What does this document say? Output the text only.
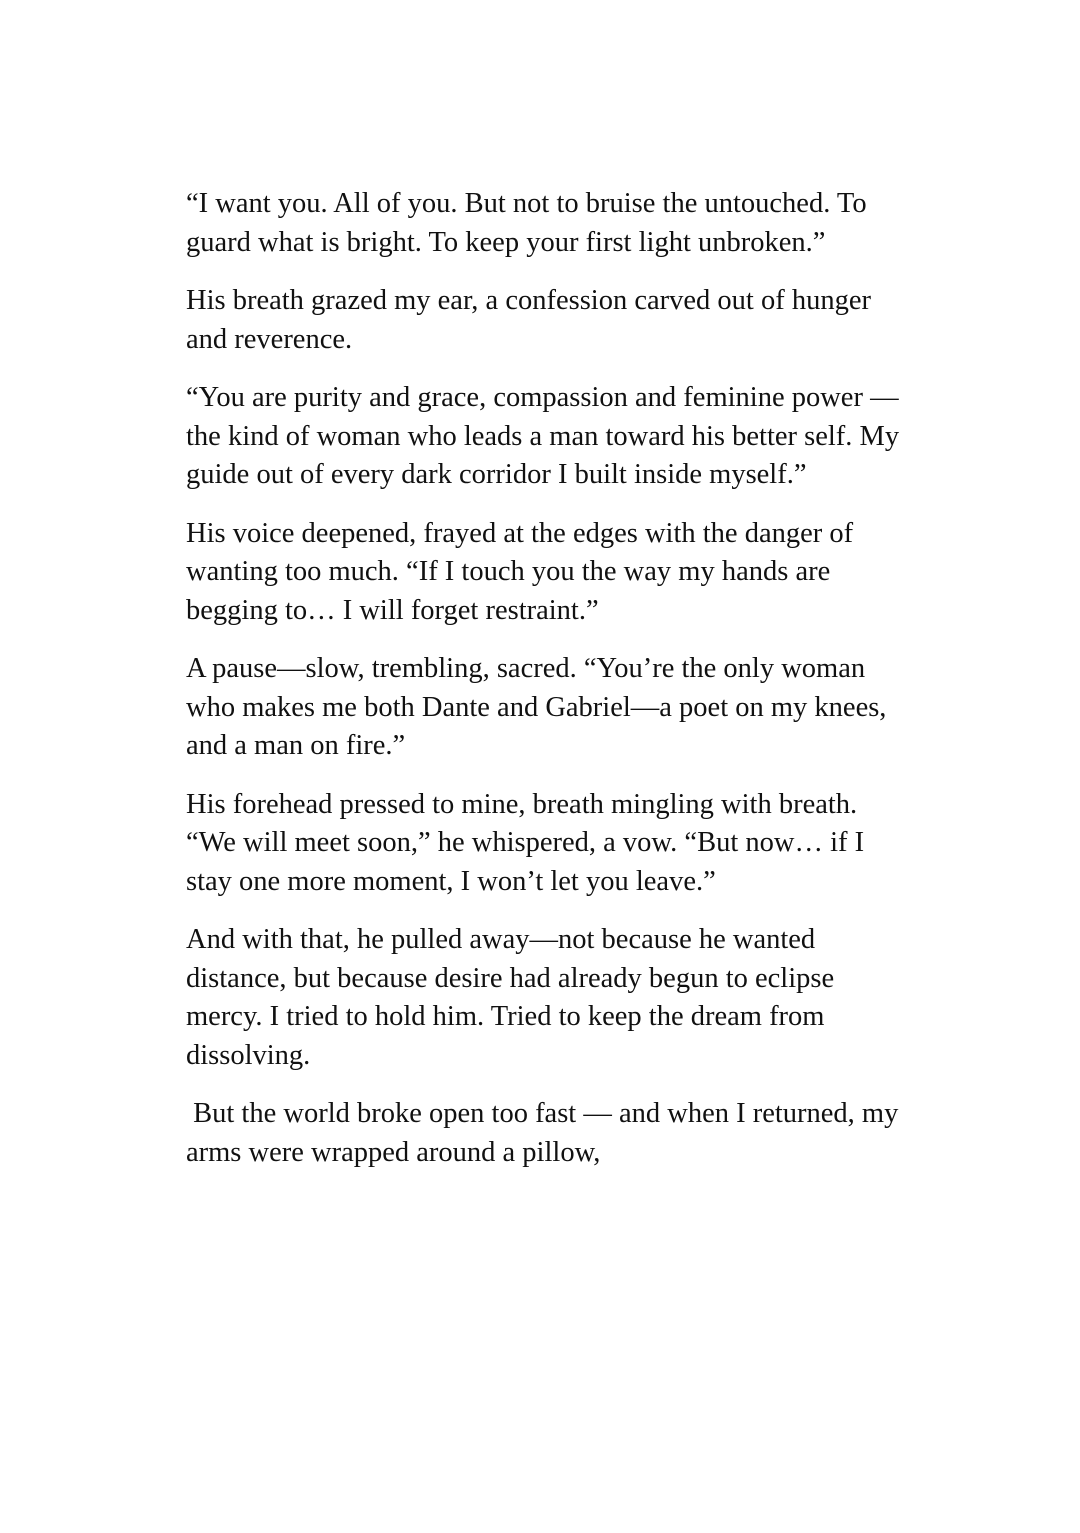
“I want you. All of you. But not to bruise the untouched. To guard what is bright. To keep your first light unbroken.”

His breath grazed my ear, a confession carved out of hunger and reverence.

“You are purity and grace, compassion and feminine power — the kind of woman who leads a man toward his better self. My guide out of every dark corridor I built inside myself.”

His voice deepened, frayed at the edges with the danger of wanting too much. “If I touch you the way my hands are begging to… I will forget restraint.”

A pause—slow, trembling, sacred. “You’re the only woman who makes me both Dante and Gabriel—a poet on my knees, and a man on fire.”

His forehead pressed to mine, breath mingling with breath. “We will meet soon,” he whispered, a vow. “But now… if I stay one more moment, I won’t let you leave.”

And with that, he pulled away—not because he wanted distance, but because desire had already begun to eclipse mercy. I tried to hold him. Tried to keep the dream from dissolving.

But the world broke open too fast — and when I returned, my arms were wrapped around a pillow,
